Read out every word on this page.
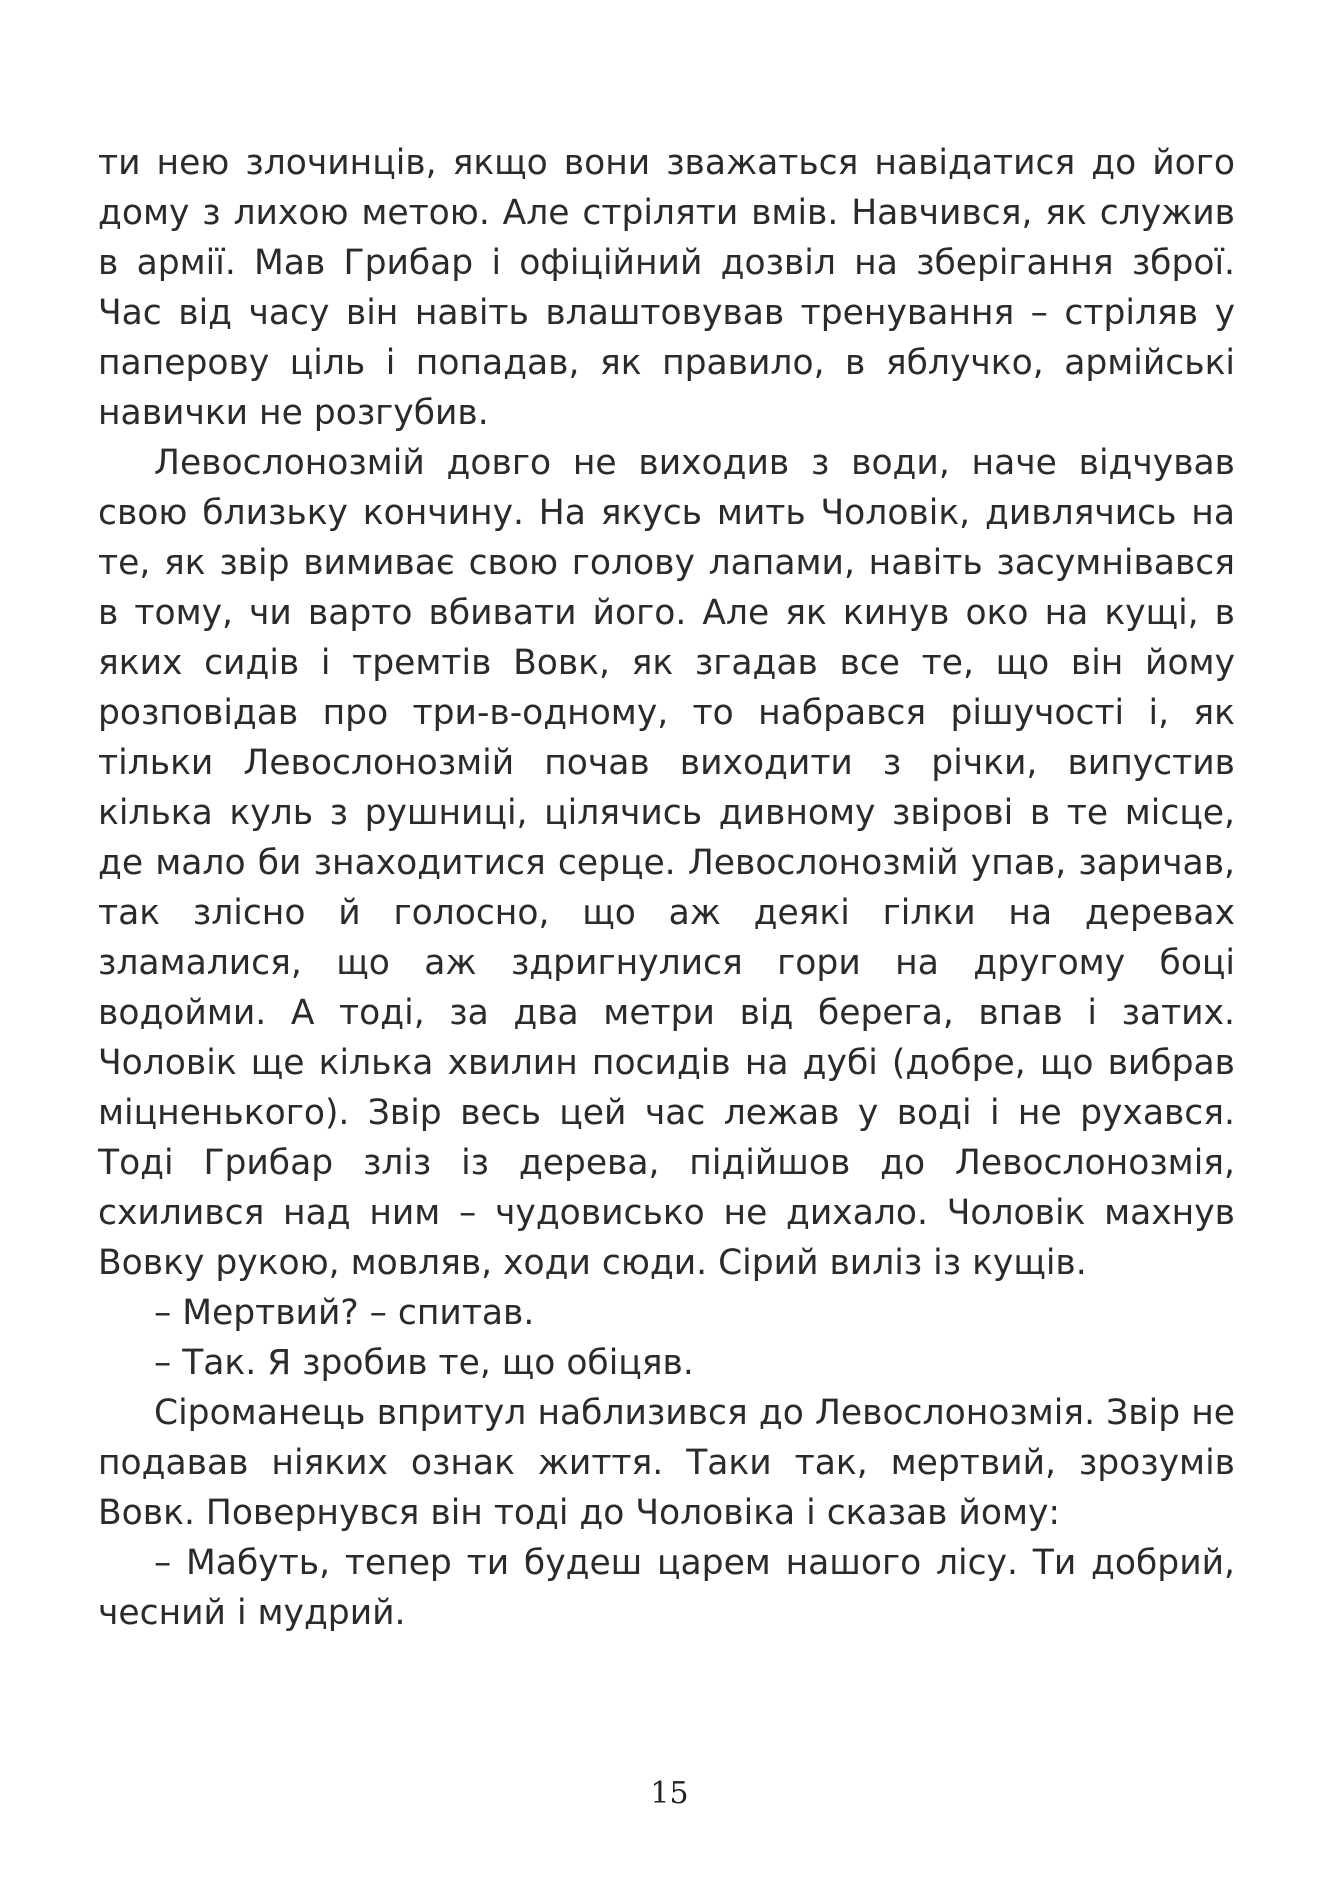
ти нею злочинців, якщо вони зважаться навідатися до його дому з лихою метою. Але стріляти вмів. Навчився, як служив в армії. Мав Грибар і офіційний дозвіл на зберігання зброї. Час від часу він навіть влаштовував тренування – стріляв у паперову ціль і попадав, як правило, в яблучко, армійські навички не розгубив.

Левослонозмій довго не виходив з води, наче відчував свою близьку кончину. На якусь мить Чоловік, дивлячись на те, як звір вимиває свою голову лапами, навіть засумнівався в тому, чи варто вбивати його. Але як кинув око на кущі, в яких сидів і тремтів Вовк, як згадав все те, що він йому розповідав про три-в-одному, то набрався рішучості і, як тільки Левослонозмій почав виходити з річки, випустив кілька куль з рушниці, цілячись дивному звірові в те місце, де мало би знаходитися серце. Левослонозмій упав, заричав, так злісно й голосно, що аж деякі гілки на деревах зламалися, що аж здригнулися гори на другому боці водойми. А тоді, за два метри від берега, впав і затих. Чоловік ще кілька хвилин посидів на дубі (добре, що вибрав міцненького). Звір весь цей час лежав у воді і не рухався. Тоді Грибар зліз із дерева, підійшов до Левослонозмія, схилився над ним – чудовисько не дихало. Чоловік махнув Вовку рукою, мовляв, ходи сюди. Сірий виліз із кущів.

– Мертвий? – спитав.

– Так. Я зробив те, що обіцяв.

Сіроманець впритул наблизився до Левослонозмія. Звір не подавав ніяких ознак життя. Таки так, мертвий, зрозумів Вовк. Повернувся він тоді до Чоловіка і сказав йому:

– Мабуть, тепер ти будеш царем нашого лісу. Ти добрий, чесний і мудрий.

15
